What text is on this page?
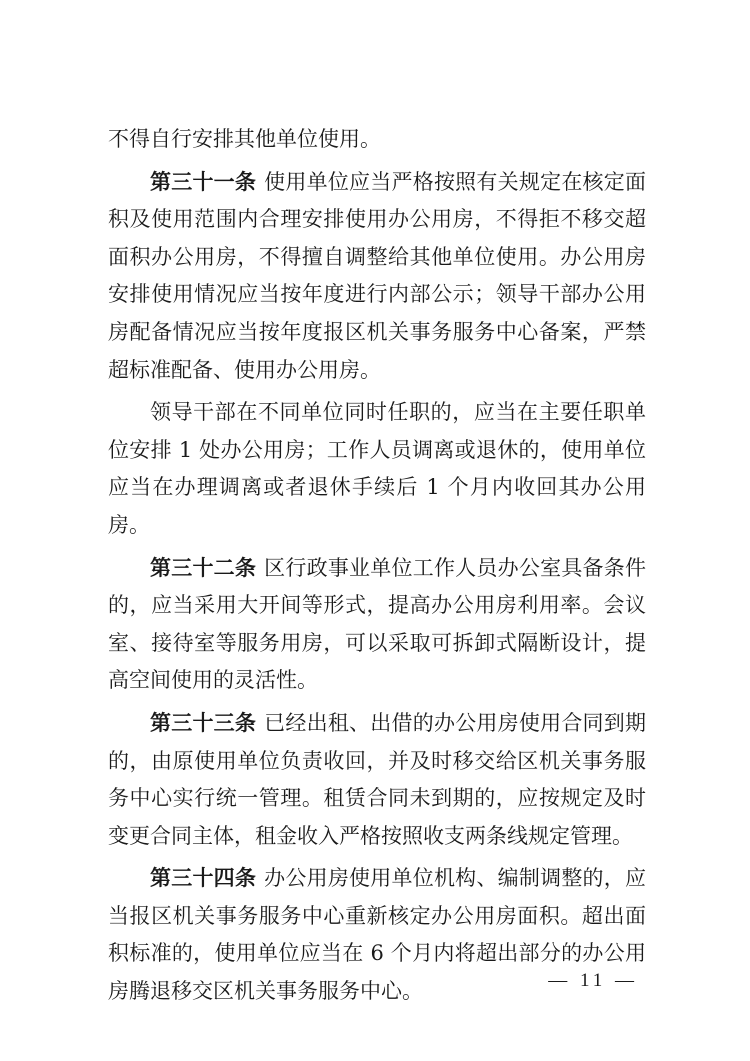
不得自行安排其他单位使用。

第三十一条 使用单位应当严格按照有关规定在核定面积及使用范围内合理安排使用办公用房，不得拒不移交超面积办公用房，不得擅自调整给其他单位使用。办公用房安排使用情况应当按年度进行内部公示；领导干部办公用房配备情况应当按年度报区机关事务服务中心备案，严禁超标准配备、使用办公用房。

领导干部在不同单位同时任职的，应当在主要任职单位安排 1 处办公用房；工作人员调离或退休的，使用单位应当在办理调离或者退休手续后 1 个月内收回其办公用房。

第三十二条 区行政事业单位工作人员办公室具备条件的，应当采用大开间等形式，提高办公用房利用率。会议室、接待室等服务用房，可以采取可拆卸式隔断设计，提高空间使用的灵活性。

第三十三条 已经出租、出借的办公用房使用合同到期的，由原使用单位负责收回，并及时移交给区机关事务服务中心实行统一管理。租赁合同未到期的，应按规定及时变更合同主体，租金收入严格按照收支两条线规定管理。

第三十四条 办公用房使用单位机构、编制调整的，应当报区机关事务服务中心重新核定办公用房面积。超出面积标准的，使用单位应当在 6 个月内将超出部分的办公用房腾退移交区机关事务服务中心。	— 11 —
